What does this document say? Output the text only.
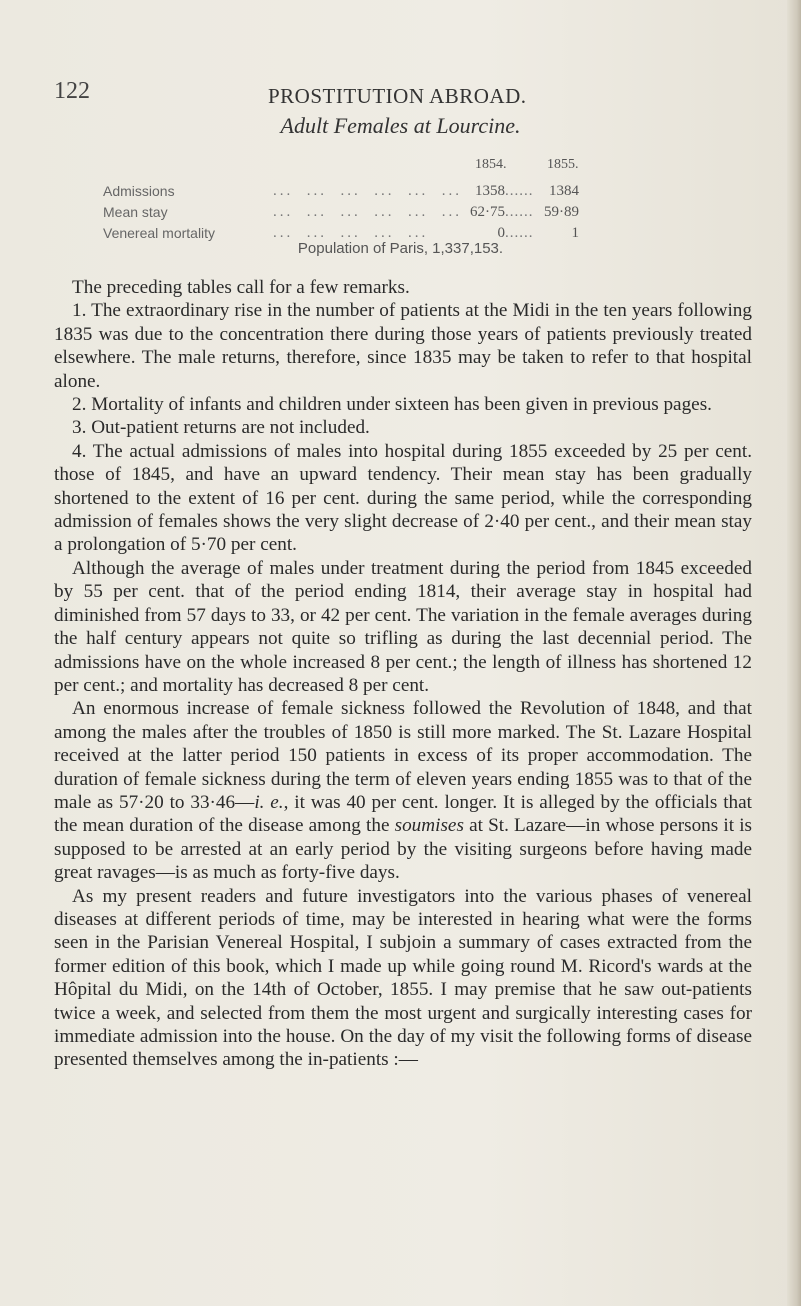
122	PROSTITUTION ABROAD.
Adult Females at Lourcine.
1854.	1855.
Admissions	...  ...  ...  ...  ...  ... 1358 ......	1384
Mean stay	...  ...  ...  ...  ...  ... 62·75 ...... 59·89
Venereal mortality	...  ...  ...  ...  ...	0 ......	1
Population of Paris, 1,337,153.

The preceding tables call for a few remarks.

1. The extraordinary rise in the number of patients at the Midi in the ten years following 1835 was due to the concentration there during those years of patients previously treated elsewhere. The male returns, therefore, since 1835 may be taken to refer to that hospital alone.

2. Mortality of infants and children under sixteen has been given in previous pages.

3. Out-patient returns are not included.

4. The actual admissions of males into hospital during 1855 exceeded by 25 per cent. those of 1845, and have an upward tendency. Their mean stay has been gradually shortened to the extent of 16 per cent. during the same period, while the corresponding admission of females shows the very slight decrease of 2·40 per cent., and their mean stay a prolongation of 5·70 per cent.

Although the average of males under treatment during the period from 1845 exceeded by 55 per cent. that of the period ending 1814, their average stay in hospital had diminished from 57 days to 33, or 42 per cent. The variation in the female averages during the half century appears not quite so trifling as during the last decennial period. The admissions have on the whole increased 8 per cent.; the length of illness has shortened 12 per cent.; and mortality has decreased 8 per cent.

An enormous increase of female sickness followed the Revolution of 1848, and that among the males after the troubles of 1850 is still more marked. The St. Lazare Hospital received at the latter period 150 patients in excess of its proper accommodation. The duration of female sickness during the term of eleven years ending 1855 was to that of the male as 57·20 to 33·46—i. e., it was 40 per cent. longer. It is alleged by the officials that the mean duration of the disease among the soumises at St. Lazare—in whose persons it is supposed to be arrested at an early period by the visiting surgeons before having made great ravages—is as much as forty-five days.

As my present readers and future investigators into the various phases of venereal diseases at different periods of time, may be interested in hearing what were the forms seen in the Parisian Venereal Hospital, I subjoin a summary of cases extracted from the former edition of this book, which I made up while going round M. Ricord's wards at the Hôpital du Midi, on the 14th of October, 1855. I may premise that he saw out-patients twice a week, and selected from them the most urgent and surgically interesting cases for immediate admission into the house. On the day of my visit the following forms of disease presented themselves among the in-patients :—
